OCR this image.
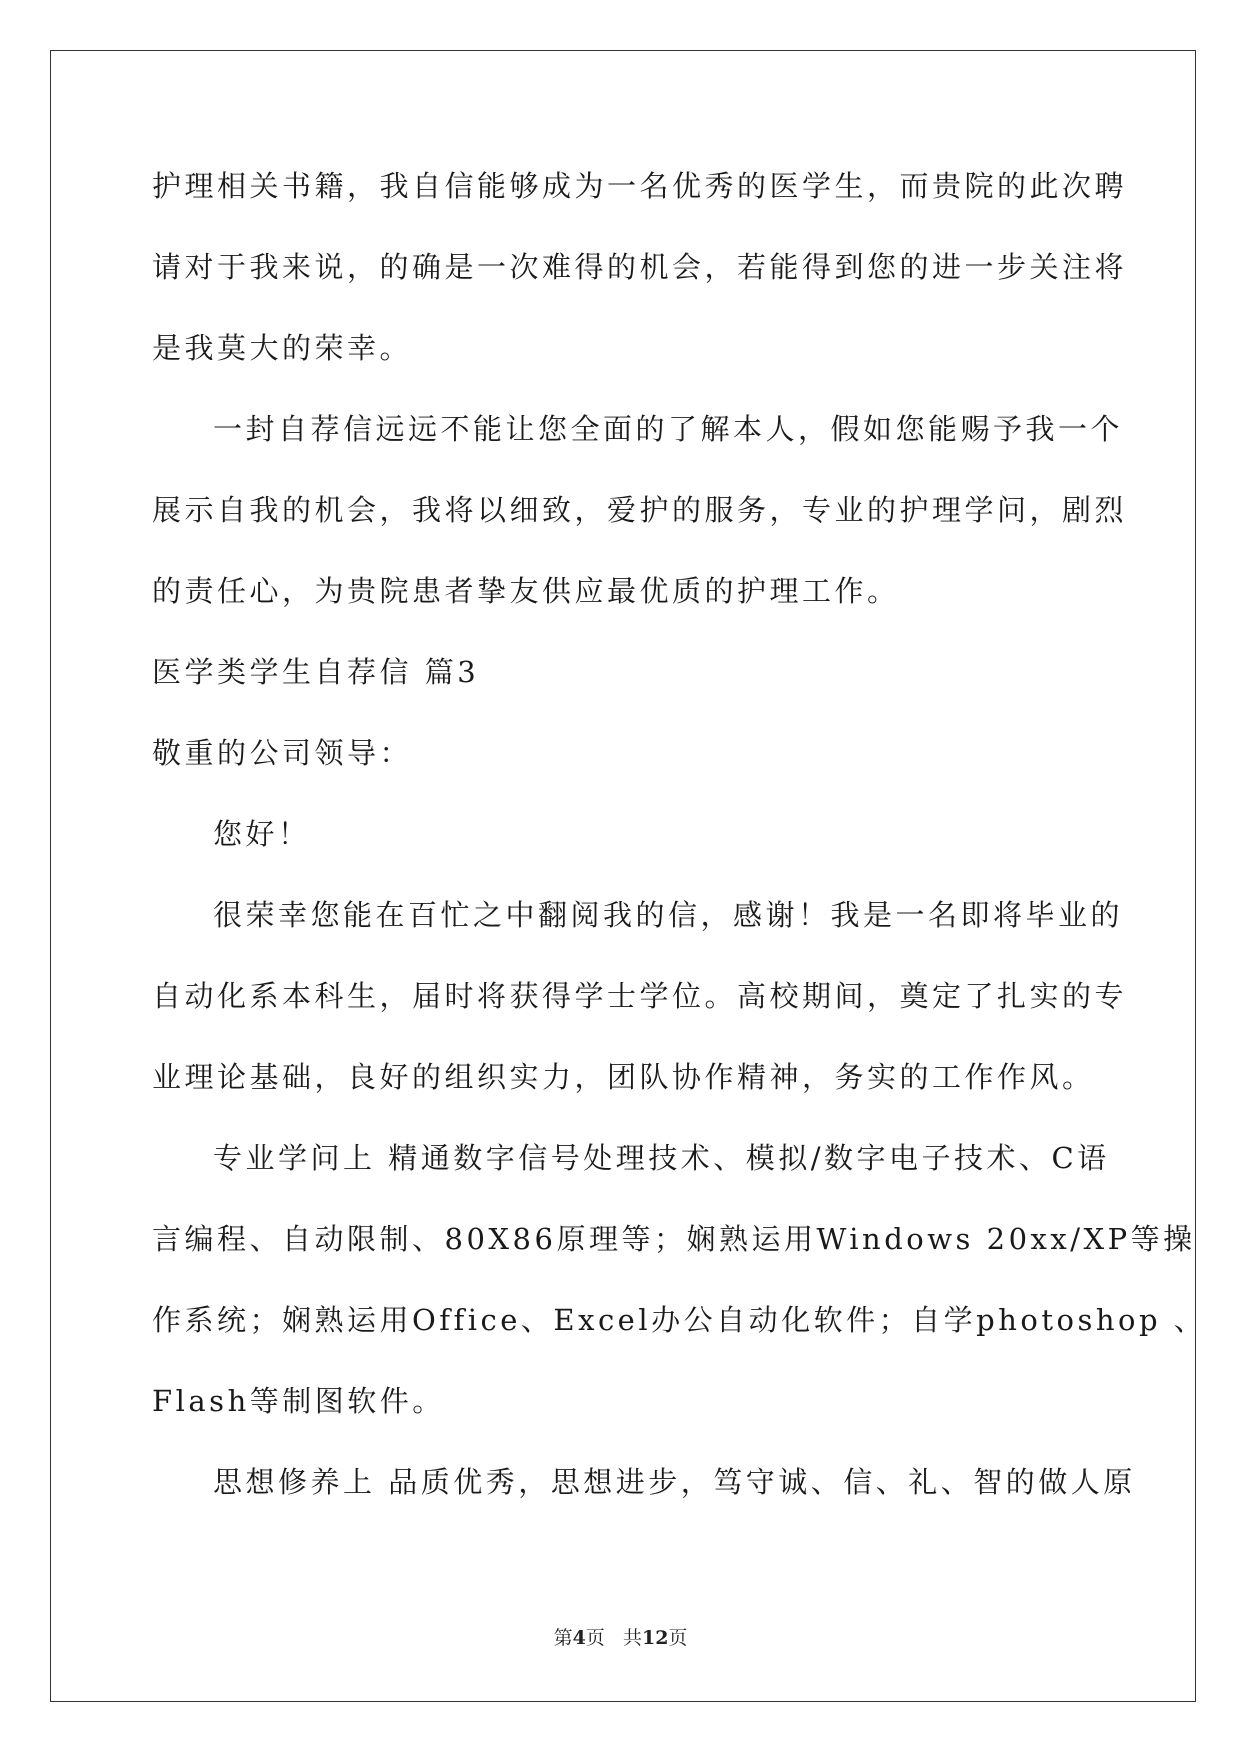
护理相关书籍，我自信能够成为一名优秀的医学生，而贵院的此次聘
请对于我来说，的确是一次难得的机会，若能得到您的进一步关注将
是我莫大的荣幸。
一封自荐信远远不能让您全面的了解本人，假如您能赐予我一个
展示自我的机会，我将以细致，爱护的服务，专业的护理学问，剧烈
的责任心，为贵院患者挚友供应最优质的护理工作。
医学类学生自荐信 篇3
敬重的公司领导：
您好！
很荣幸您能在百忙之中翻阅我的信，感谢！我是一名即将毕业的
自动化系本科生，届时将获得学士学位。高校期间，奠定了扎实的专
业理论基础，良好的组织实力，团队协作精神，务实的工作作风。
专业学问上 精通数字信号处理技术、模拟/数字电子技术、C语
言编程、自动限制、80X86原理等；娴熟运用Windows 20xx/XP等操
作系统；娴熟运用Office、Excel办公自动化软件；自学photoshop 、
Flash等制图软件。
思想修养上 品质优秀，思想进步，笃守诚、信、礼、智的做人原
第4页 共12页
